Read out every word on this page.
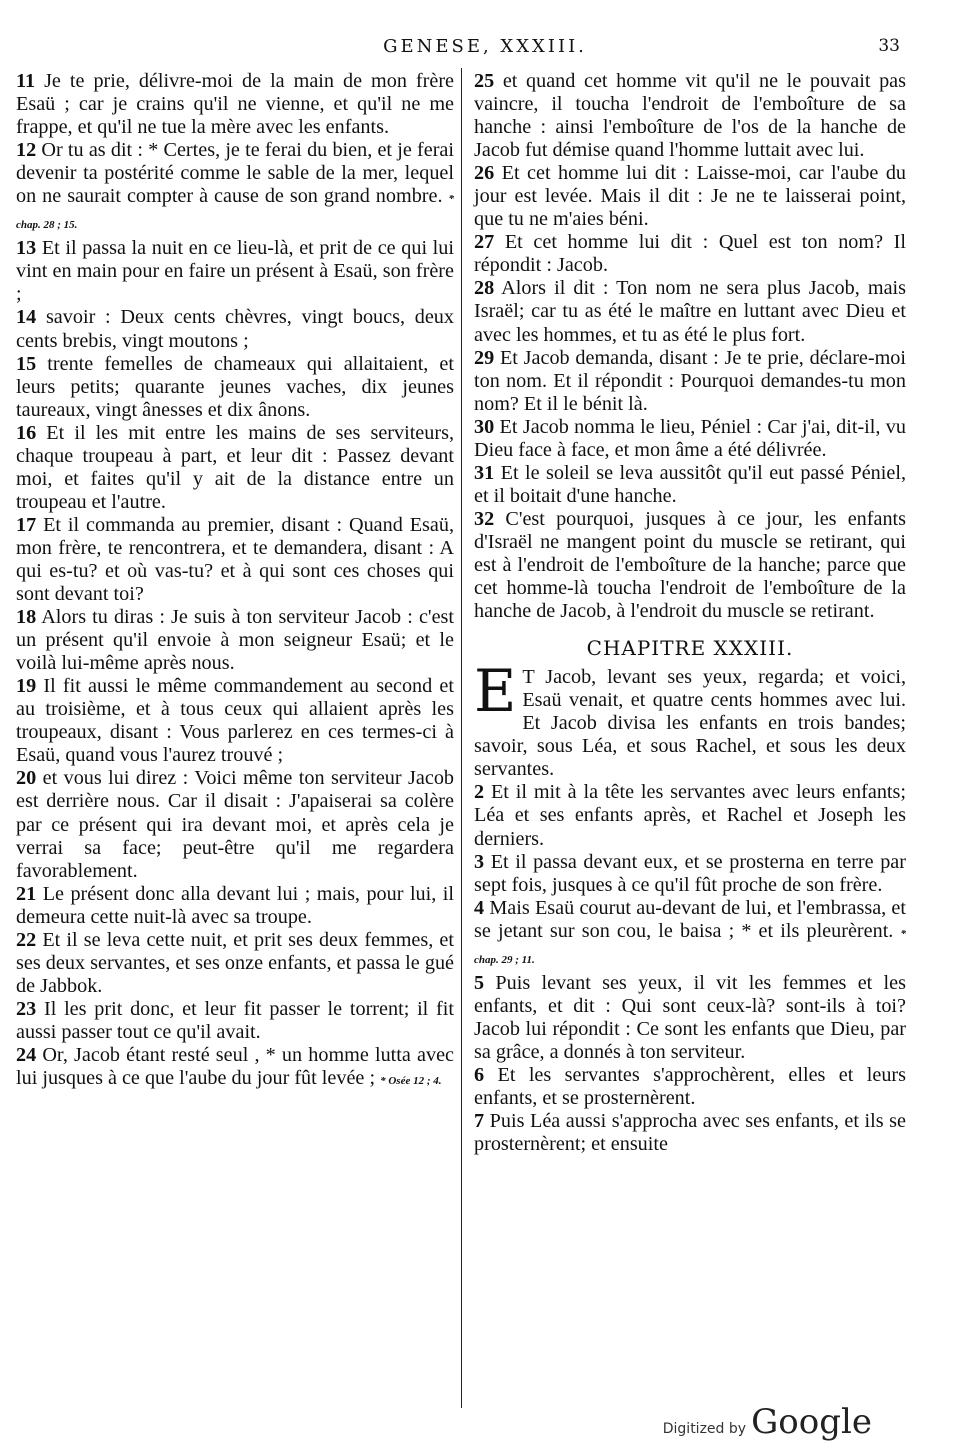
GENESE, XXXIII.	33

11 Je te prie, délivre-moi de la main de mon frère Esaü ; car je crains qu'il ne vienne, et qu'il ne me frappe, et qu'il ne tue la mère avec les enfants.

12 Or tu as dit : * Certes, je te ferai du bien, et je ferai devenir ta postérité comme le sable de la mer, lequel on ne saurait compter à cause de son grand nombre. * chap. 28 ; 15.

13 Et il passa la nuit en ce lieu-là, et prit de ce qui lui vint en main pour en faire un présent à Esaü, son frère ;

14 savoir : Deux cents chèvres, vingt boucs, deux cents brebis, vingt moutons ;

15 trente femelles de chameaux qui allaitaient, et leurs petits; quarante jeunes vaches, dix jeunes taureaux, vingt ânesses et dix ânons.

16 Et il les mit entre les mains de ses serviteurs, chaque troupeau à part, et leur dit : Passez devant moi, et faites qu'il y ait de la distance entre un troupeau et l'autre.

17 Et il commanda au premier, disant : Quand Esaü, mon frère, te rencontrera, et te demandera, disant : A qui es-tu? et où vas-tu? et à qui sont ces choses qui sont devant toi?

18 Alors tu diras : Je suis à ton serviteur Jacob : c'est un présent qu'il envoie à mon seigneur Esaü; et le voilà lui-même après nous.

19 Il fit aussi le même commandement au second et au troisième, et à tous ceux qui allaient après les troupeaux, disant : Vous parlerez en ces termes-ci à Esaü, quand vous l'aurez trouvé ;

20 et vous lui direz : Voici même ton serviteur Jacob est derrière nous. Car il disait : J'apaiserai sa colère par ce présent qui ira devant moi, et après cela je verrai sa face; peut-être qu'il me regardera favorablement.

21 Le présent donc alla devant lui ; mais, pour lui, il demeura cette nuit-là avec sa troupe.

22 Et il se leva cette nuit, et prit ses deux femmes, et ses deux servantes, et ses onze enfants, et passa le gué de Jabbok.

23 Il les prit donc, et leur fit passer le torrent; il fit aussi passer tout ce qu'il avait.

24 Or, Jacob étant resté seul , * un homme lutta avec lui jusques à ce que l'aube du jour fût levée ; * Osée 12 ; 4.

25 et quand cet homme vit qu'il ne le pouvait pas vaincre, il toucha l'endroit de l'emboîture de sa hanche : ainsi l'emboîture de l'os de la hanche de Jacob fut démise quand l'homme luttait avec lui.

26 Et cet homme lui dit : Laisse-moi, car l'aube du jour est levée. Mais il dit : Je ne te laisserai point, que tu ne m'aies béni.

27 Et cet homme lui dit : Quel est ton nom? Il répondit : Jacob.

28 Alors il dit : Ton nom ne sera plus Jacob, mais Israël; car tu as été le maître en luttant avec Dieu et avec les hommes, et tu as été le plus fort.

29 Et Jacob demanda, disant : Je te prie, déclare-moi ton nom. Et il répondit : Pourquoi demandes-tu mon nom? Et il le bénit là.

30 Et Jacob nomma le lieu, Péniel : Car j'ai, dit-il, vu Dieu face à face, et mon âme a été délivrée.

31 Et le soleil se leva aussitôt qu'il eut passé Péniel, et il boitait d'une hanche.

32 C'est pourquoi, jusques à ce jour, les enfants d'Israël ne mangent point du muscle se retirant, qui est à l'endroit de l'emboîture de la hanche; parce que cet homme-là toucha l'endroit de l'emboîture de la hanche de Jacob, à l'endroit du muscle se retirant.

CHAPITRE XXXIII.

E T Jacob, levant ses yeux, regarda; et voici, Esaü venait, et quatre cents hommes avec lui. Et Jacob divisa les enfants en trois bandes; savoir, sous Léa, et sous Rachel, et sous les deux servantes.

2 Et il mit à la tête les servantes avec leurs enfants; Léa et ses enfants après, et Rachel et Joseph les derniers.

3 Et il passa devant eux, et se prosterna en terre par sept fois, jusques à ce qu'il fût proche de son frère.

4 Mais Esaü courut au-devant de lui, et l'embrassa, et se jetant sur son cou, le baisa ; * et ils pleurèrent. * chap. 29 ; 11.

5 Puis levant ses yeux, il vit les femmes et les enfants, et dit : Qui sont ceux-là? sont-ils à toi? Jacob lui répondit : Ce sont les enfants que Dieu, par sa grâce, a donnés à ton serviteur.

6 Et les servantes s'approchèrent, elles et leurs enfants, et se prosternèrent.

7 Puis Léa aussi s'approcha avec ses enfants, et ils se prosternèrent; et ensuite

Digitized by Google
